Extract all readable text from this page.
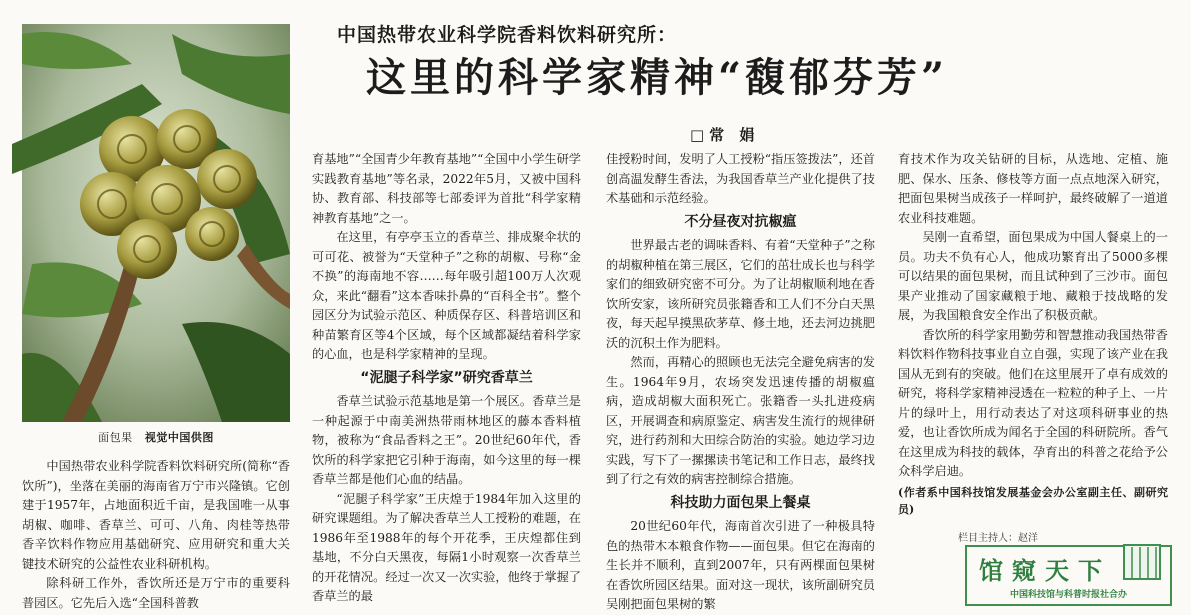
面包果 视觉中国供图
中国热带农业科学院香料饮料研究所：
这里的科学家精神“馥郁芬芳”
□常 娟

中国热带农业科学院香料饮料研究所(简称“香饮所”)，坐落在美丽的海南省万宁市兴隆镇。它创建于1957年，占地面积近千亩，是我国唯一从事胡椒、咖啡、香草兰、可可、八角、肉桂等热带香辛饮料作物应用基础研究、应用研究和重大关键技术研究的公益性农业科研机构。

除科研工作外，香饮所还是万宁市的重要科普园区。它先后入选“全国科普教

育基地”“全国青少年教育基地”“全国中小学生研学实践教育基地”等名录，2022年5月，又被中国科协、教育部、科技部等七部委评为首批“科学家精神教育基地”之一。

在这里，有亭亭玉立的香草兰、排成聚伞状的可可花、被誉为“天堂种子”之称的胡椒、号称“金不换”的海南地不容……每年吸引超100万人次观众，来此“翻看”这本香味扑鼻的“百科全书”。整个园区分为试验示范区、种质保存区、科普培训区和种苗繁育区等4个区域，每个区域都凝结着科学家的心血，也是科学家精神的呈现。

“泥腿子科学家”研究香草兰

香草兰试验示范基地是第一个展区。香草兰是一种起源于中南美洲热带雨林地区的藤本香料植物，被称为“食品香料之王”。20世纪60年代，香饮所的科学家把它引种于海南，如今这里的每一棵香草兰都是他们心血的结晶。

“泥腿子科学家”王庆煌于1984年加入这里的研究课题组。为了解决香草兰人工授粉的难题，在1986年至1988年的每个开花季，王庆煌都住到基地，不分白天黑夜，每隔1小时观察一次香草兰的开花情况。经过一次又一次实验，他终于掌握了香草兰的最

佳授粉时间，发明了人工授粉“指压签拨法”，还首创高温发酵生香法，为我国香草兰产业化提供了技术基础和示范经验。

不分昼夜对抗椒瘟

世界最古老的调味香料、有着“天堂种子”之称的胡椒种植在第三展区，它们的茁壮成长也与科学家们的细致研究密不可分。为了让胡椒顺利地在香饮所安家，该所研究员张籍香和工人们不分白天黑夜，每天起早摸黑砍茅草、修土地，还去河边挑肥沃的沉积土作为肥料。

然而，再精心的照顾也无法完全避免病害的发生。1964年9月，农场突发迅速传播的胡椒瘟病，造成胡椒大面积死亡。张籍香一头扎进疫病区，开展调查和病原鉴定、病害发生流行的规律研究，进行药剂和大田综合防治的实验。她边学习边实践，写下了一摞摞读书笔记和工作日志，最终找到了行之有效的病害控制综合措施。

科技助力面包果上餐桌

20世纪60年代，海南首次引进了一种极具特色的热带木本粮食作物——面包果。但它在海南的生长并不顺利，直到2007年，只有两棵面包果树在香饮所园区结果。面对这一现状，该所副研究员吴刚把面包果树的繁

育技术作为攻关钻研的目标，从选地、定植、施肥、保水、压条、修枝等方面一点点地深入研究，把面包果树当成孩子一样呵护，最终破解了一道道农业科技难题。

吴刚一直希望，面包果成为中国人餐桌上的一员。功夫不负有心人，他成功繁育出了5000多棵可以结果的面包果树，而且试种到了三沙市。面包果产业推动了国家藏粮于地、藏粮于技战略的发展，为我国粮食安全作出了积极贡献。

香饮所的科学家用勤劳和智慧推动我国热带香料饮料作物科技事业自立自强，实现了该产业在我国从无到有的突破。他们在这里展开了卓有成效的研究，将科学家精神浸透在一粒粒的种子上、一片片的绿叶上，用行动表达了对这项科研事业的热爱，也让香饮所成为闻名于全国的科研院所。香气在这里成为科技的载体，孕育出的科普之花给予公众科学启迪。

(作者系中国科技馆发展基金会办公室副主任、副研究员)

栏目主持人：赵洋
馆窥天下
中国科技馆与科普时报社合办
